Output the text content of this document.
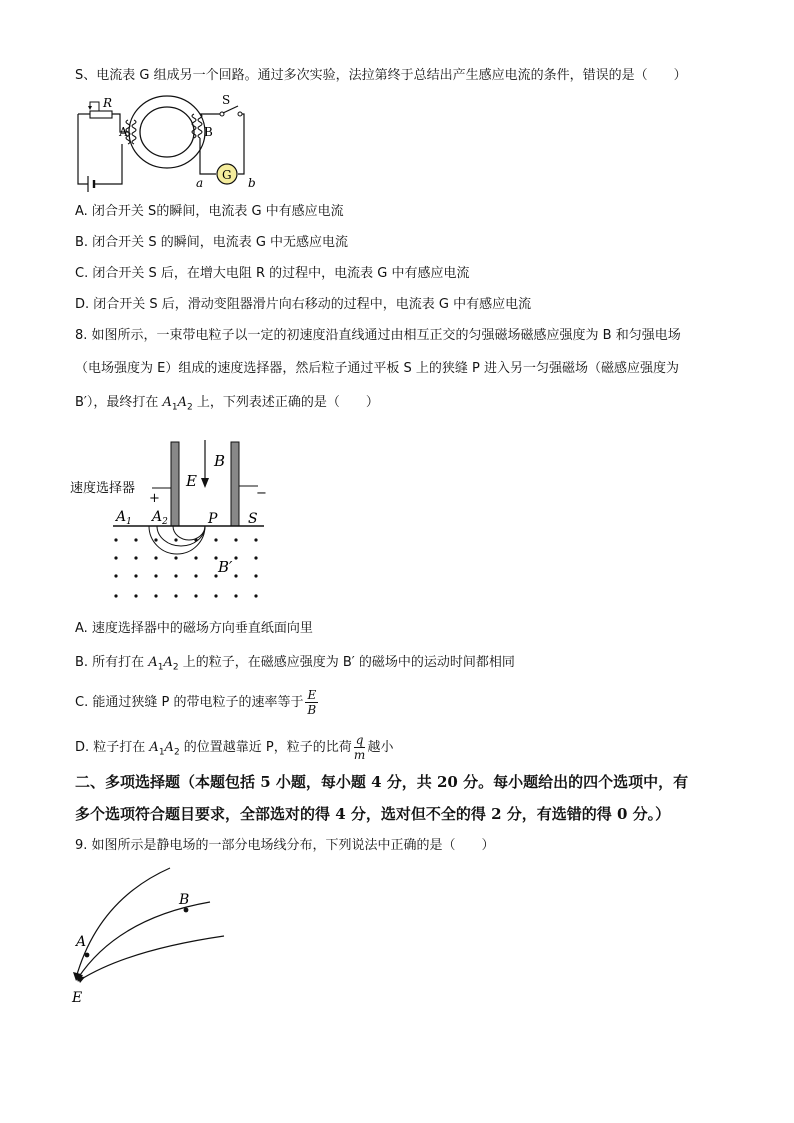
S、电流表 G 组成另一个回路。通过多次实验，法拉第终于总结出产生感应电流的条件，错误的是（　　）
R
A	B
S
G
a	b
A. 闭合开关 S的瞬间，电流表 G 中有感应电流
B. 闭合开关 S 的瞬间，电流表 G 中无感应电流
C. 闭合开关 S 后，在增大电阻 R 的过程中，电流表 G 中有感应电流
D. 闭合开关 S 后，滑动变阻器滑片向右移动的过程中，电流表 G 中有感应电流
8. 如图所示，一束带电粒子以一定的初速度沿直线通过由相互正交的匀强磁场磁感应强度为 B 和匀强电场
（电场强度为 E）组成的速度选择器，然后粒子通过平板 S 上的狭缝 P 进入另一匀强磁场（磁感应强度为
B′），最终打在 $A_1A_2$ 上，下列表述正确的是（　　）
E
B
+	−
速度选择器
$A_1$ $A_2$	P S
B′
A. 速度选择器中的磁场方向垂直纸面向里
B. 所有打在 $A_1A_2$ 上的粒子，在磁感应强度为 B′ 的磁场中的运动时间都相同
C. 能通过狭缝 P 的带电粒子的速率等于 $\frac{E}{B}$
D. 粒子打在 $A_1A_2$ 的位置越靠近 P，粒子的比荷 $\frac{q}{m}$ 越小
二、多项选择题（本题包括 5 小题，每小题 4 分，共 20 分。每小题给出的四个选项中，有
多个选项符合题目要求，全部选对的得 4 分，选对但不全的得 2 分，有选错的得 0 分。）
9. 如图所示是静电场的一部分电场线分布，下列说法中正确的是（　　）
A
B
E
